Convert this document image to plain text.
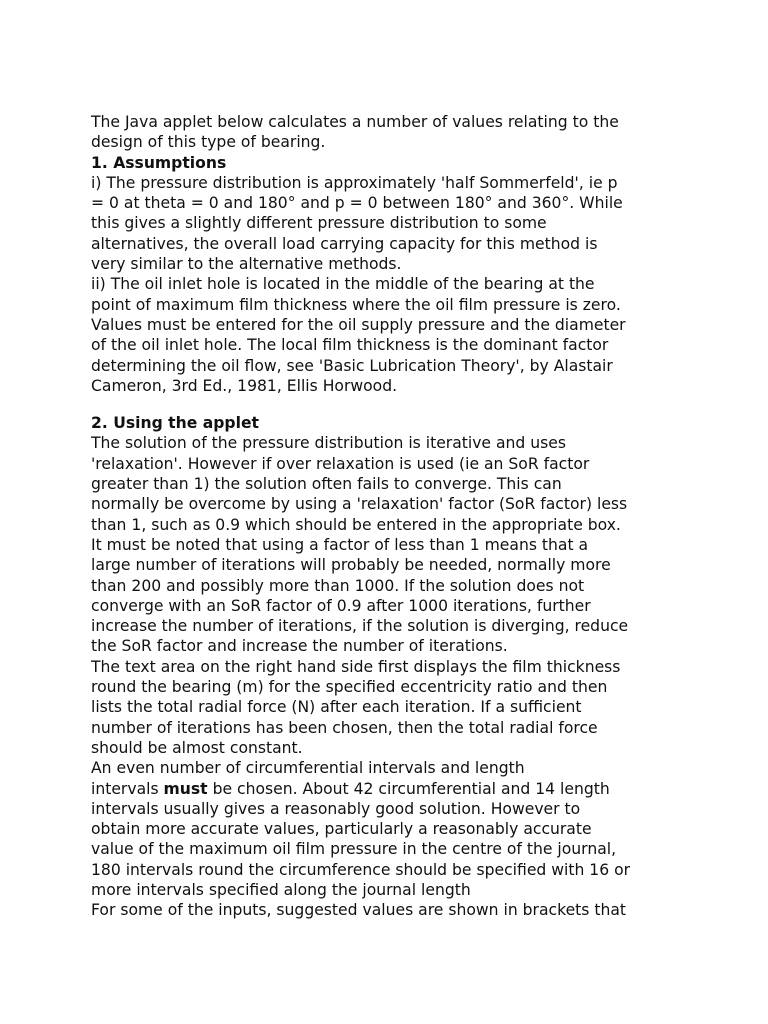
The Java applet below calculates a number of values relating to the

design of this type of bearing.

1. Assumptions

i) The pressure distribution is approximately 'half Sommerfeld', ie p

= 0 at theta = 0 and 180° and p = 0 between 180° and 360°. While

this gives a slightly different pressure distribution to some

alternatives, the overall load carrying capacity for this method is

very similar to the alternative methods.

ii) The oil inlet hole is located in the middle of the bearing at the

point of maximum film thickness where the oil film pressure is zero.

Values must be entered for the oil supply pressure and the diameter

of the oil inlet hole. The local film thickness is the dominant factor

determining the oil flow, see 'Basic Lubrication Theory', by Alastair

Cameron, 3rd Ed., 1981, Ellis Horwood.

2. Using the applet

The solution of the pressure distribution is iterative and uses

'relaxation'. However if over relaxation is used (ie an SoR factor

greater than 1) the solution often fails to converge. This can

normally be overcome by using a 'relaxation' factor (SoR factor) less

than 1, such as 0.9 which should be entered in the appropriate box.

It must be noted that using a factor of less than 1 means that a

large number of iterations will probably be needed, normally more

than 200 and possibly more than 1000. If the solution does not

converge with an SoR factor of 0.9 after 1000 iterations, further

increase the number of iterations, if the solution is diverging, reduce

the SoR factor and increase the number of iterations.

The text area on the right hand side first displays the film thickness

round the bearing (m) for the specified eccentricity ratio and then

lists the total radial force (N) after each iteration. If a sufficient

number of iterations has been chosen, then the total radial force

should be almost constant.

An even number of circumferential intervals and length

intervals must be chosen. About 42 circumferential and 14 length

intervals usually gives a reasonably good solution. However to

obtain more accurate values, particularly a reasonably accurate

value of the maximum oil film pressure in the centre of the journal,

180 intervals round the circumference should be specified with 16 or

more intervals specified along the journal length

For some of the inputs, suggested values are shown in brackets that
